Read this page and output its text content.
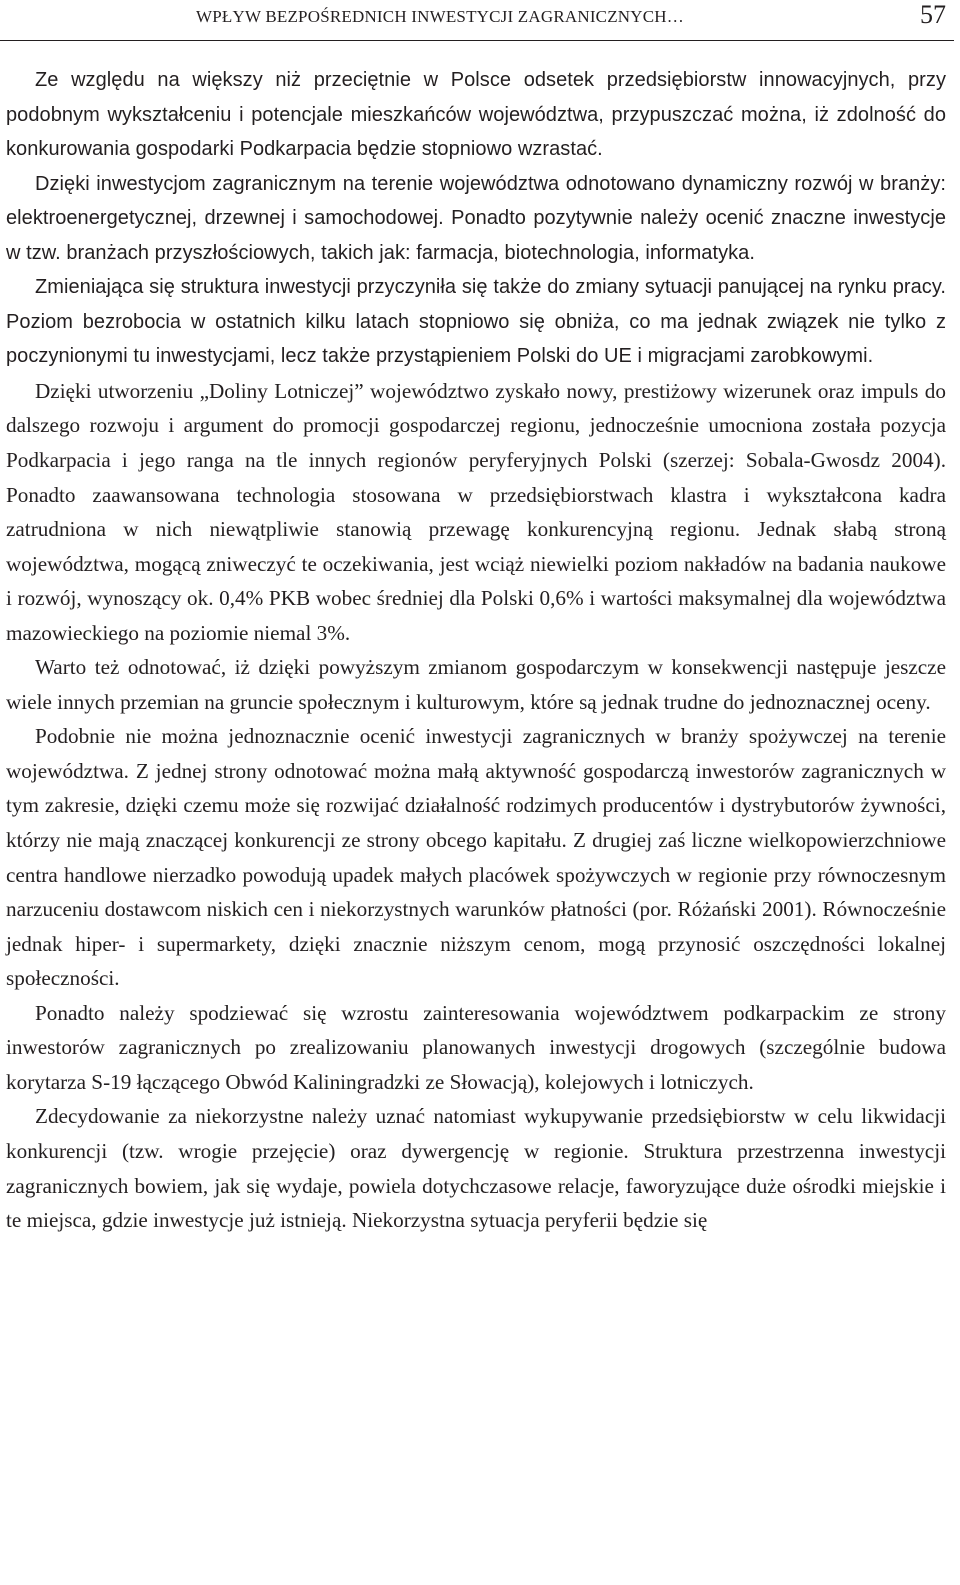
WPŁYW BEZPOŚREDNICH INWESTYCJI ZAGRANICZNYCH…	57

Ze względu na większy niż przeciętnie w Polsce odsetek przedsiębiorstw innowacyjnych, przy podobnym wykształceniu i potencjale mieszkańców województwa, przypuszczać można, iż zdolność do konkurowania gospodarki Podkarpacia będzie stopniowo wzrastać.

Dzięki inwestycjom zagranicznym na terenie województwa odnotowano dynamiczny rozwój w branży: elektroenergetycznej, drzewnej i samochodowej. Ponadto pozytywnie należy ocenić znaczne inwestycje w tzw. branżach przyszłościowych, takich jak: farmacja, biotechnologia, informatyka.

Zmieniająca się struktura inwestycji przyczyniła się także do zmiany sytuacji panującej na rynku pracy. Poziom bezrobocia w ostatnich kilku latach stopniowo się obniża, co ma jednak związek nie tylko z poczynionymi tu inwestycjami, lecz także przystąpieniem Polski do UE i migracjami zarobkowymi.

Dzięki utworzeniu „Doliny Lotniczej” województwo zyskało nowy, prestiżowy wizerunek oraz impuls do dalszego rozwoju i argument do promocji gospodarczej regionu, jednocześnie umocniona została pozycja Podkarpacia i jego ranga na tle innych regionów peryferyjnych Polski (szerzej: Sobala-Gwosdz 2004). Ponadto zaawansowana technologia stosowana w przedsiębiorstwach klastra i wykształcona kadra zatrudniona w nich niewątpliwie stanowią przewagę konkurencyjną regionu. Jednak słabą stroną województwa, mogącą zniweczyć te oczekiwania, jest wciąż niewielki poziom nakładów na badania naukowe i rozwój, wynoszący ok. 0,4% PKB wobec średniej dla Polski 0,6% i wartości maksymalnej dla województwa mazowieckiego na poziomie niemal 3%.

Warto też odnotować, iż dzięki powyższym zmianom gospodarczym w konsekwencji następuje jeszcze wiele innych przemian na gruncie społecznym i kulturowym, które są jednak trudne do jednoznacznej oceny.

Podobnie nie można jednoznacznie ocenić inwestycji zagranicznych w branży spożywczej na terenie województwa. Z jednej strony odnotować można małą aktywność gospodarczą inwestorów zagranicznych w tym zakresie, dzięki czemu może się rozwijać działalność rodzimych producentów i dystrybutorów żywności, którzy nie mają znaczącej konkurencji ze strony obcego kapitału. Z drugiej zaś liczne wielkopowierzchniowe centra handlowe nierzadko powodują upadek małych placówek spożywczych w regionie przy równoczesnym narzuceniu dostawcom niskich cen i niekorzystnych warunków płatności (por. Różański 2001). Równocześnie jednak hiper- i supermarkety, dzięki znacznie niższym cenom, mogą przynosić oszczędności lokalnej społeczności.

Ponadto należy spodziewać się wzrostu zainteresowania województwem podkarpackim ze strony inwestorów zagranicznych po zrealizowaniu planowanych inwestycji drogowych (szczególnie budowa korytarza S-19 łączącego Obwód Kaliningradzki ze Słowacją), kolejowych i lotniczych.

Zdecydowanie za niekorzystne należy uznać natomiast wykupywanie przedsiębiorstw w celu likwidacji konkurencji (tzw. wrogie przejęcie) oraz dywergencję w regionie. Struktura przestrzenna inwestycji zagranicznych bowiem, jak się wydaje, powiela dotychczasowe relacje, faworyzujące duże ośrodki miejskie i te miejsca, gdzie inwestycje już istnieją. Niekorzystna sytuacja peryferii będzie się
